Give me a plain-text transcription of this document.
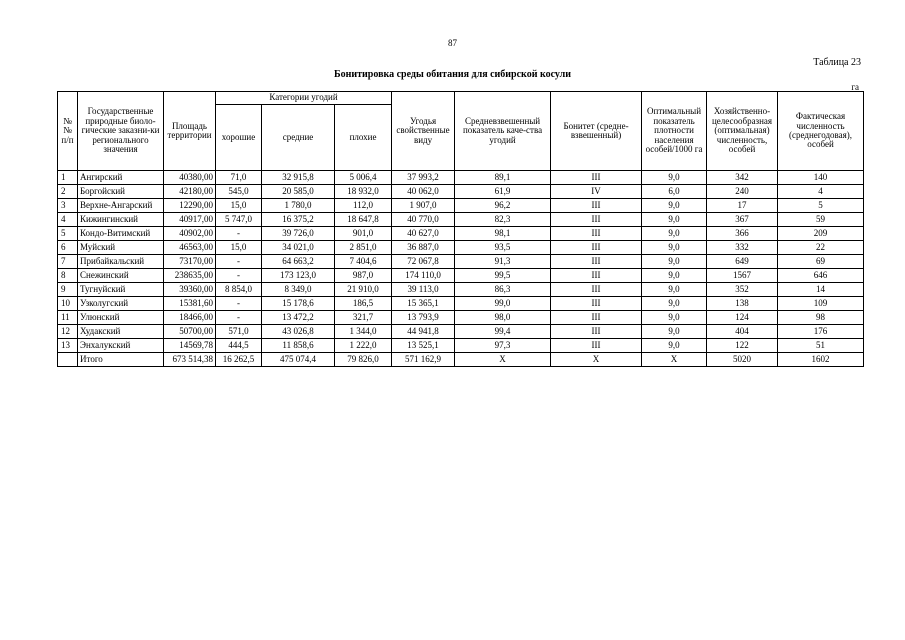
87
Таблица 23
Бонитировка среды обитания для сибирской косули
га
№№ п/п	Государственные природные биоло-гические заказни-ки регионального значения	Площадь территории	Категории угодий			Угодья свойственные виду	Средневзвешенный показатель каче-ства угодий	Бонитет (средне-взвешенный)	Оптимальный показатель плотности населения особей/1000 га	Хозяйственно-целесообразная (оптимальная) численность, особей	Фактическая численность (среднегодовая), особей
			хорошие	средние	плохие						
1	Ангирский	40380,00	71,0	32 915,8	5 006,4	37 993,2	89,1	III	9,0	342	140
2	Боргойский	42180,00	545,0	20 585,0	18 932,0	40 062,0	61,9	IV	6,0	240	4
3	Верхне-Ангарский	12290,00	15,0	1 780,0	112,0	1 907,0	96,2	III	9,0	17	5
4	Кижингинский	40917,00	5 747,0	16 375,2	18 647,8	40 770,0	82,3	III	9,0	367	59
5	Кондо-Витимский	40902,00	-	39 726,0	901,0	40 627,0	98,1	III	9,0	366	209
6	Муйский	46563,00	15,0	34 021,0	2 851,0	36 887,0	93,5	III	9,0	332	22
7	Прибайкальский	73170,00	-	64 663,2	7 404,6	72 067,8	91,3	III	9,0	649	69
8	Снежинский	238635,00	-	173 123,0	987,0	174 110,0	99,5	III	9,0	1567	646
9	Тугнуйский	39360,00	8 854,0	8 349,0	21 910,0	39 113,0	86,3	III	9,0	352	14
10	Узколугский	15381,60	-	15 178,6	186,5	15 365,1	99,0	III	9,0	138	109
11	Улюнский	18466,00	-	13 472,2	321,7	13 793,9	98,0	III	9,0	124	98
12	Худакский	50700,00	571,0	43 026,8	1 344,0	44 941,8	99,4	III	9,0	404	176
13	Энхалукский	14569,78	444,5	11 858,6	1 222,0	13 525,1	97,3	III	9,0	122	51
	Итого	673 514,38	16 262,5	475 074,4	79 826,0	571 162,9	X	X	X	5020	1602
